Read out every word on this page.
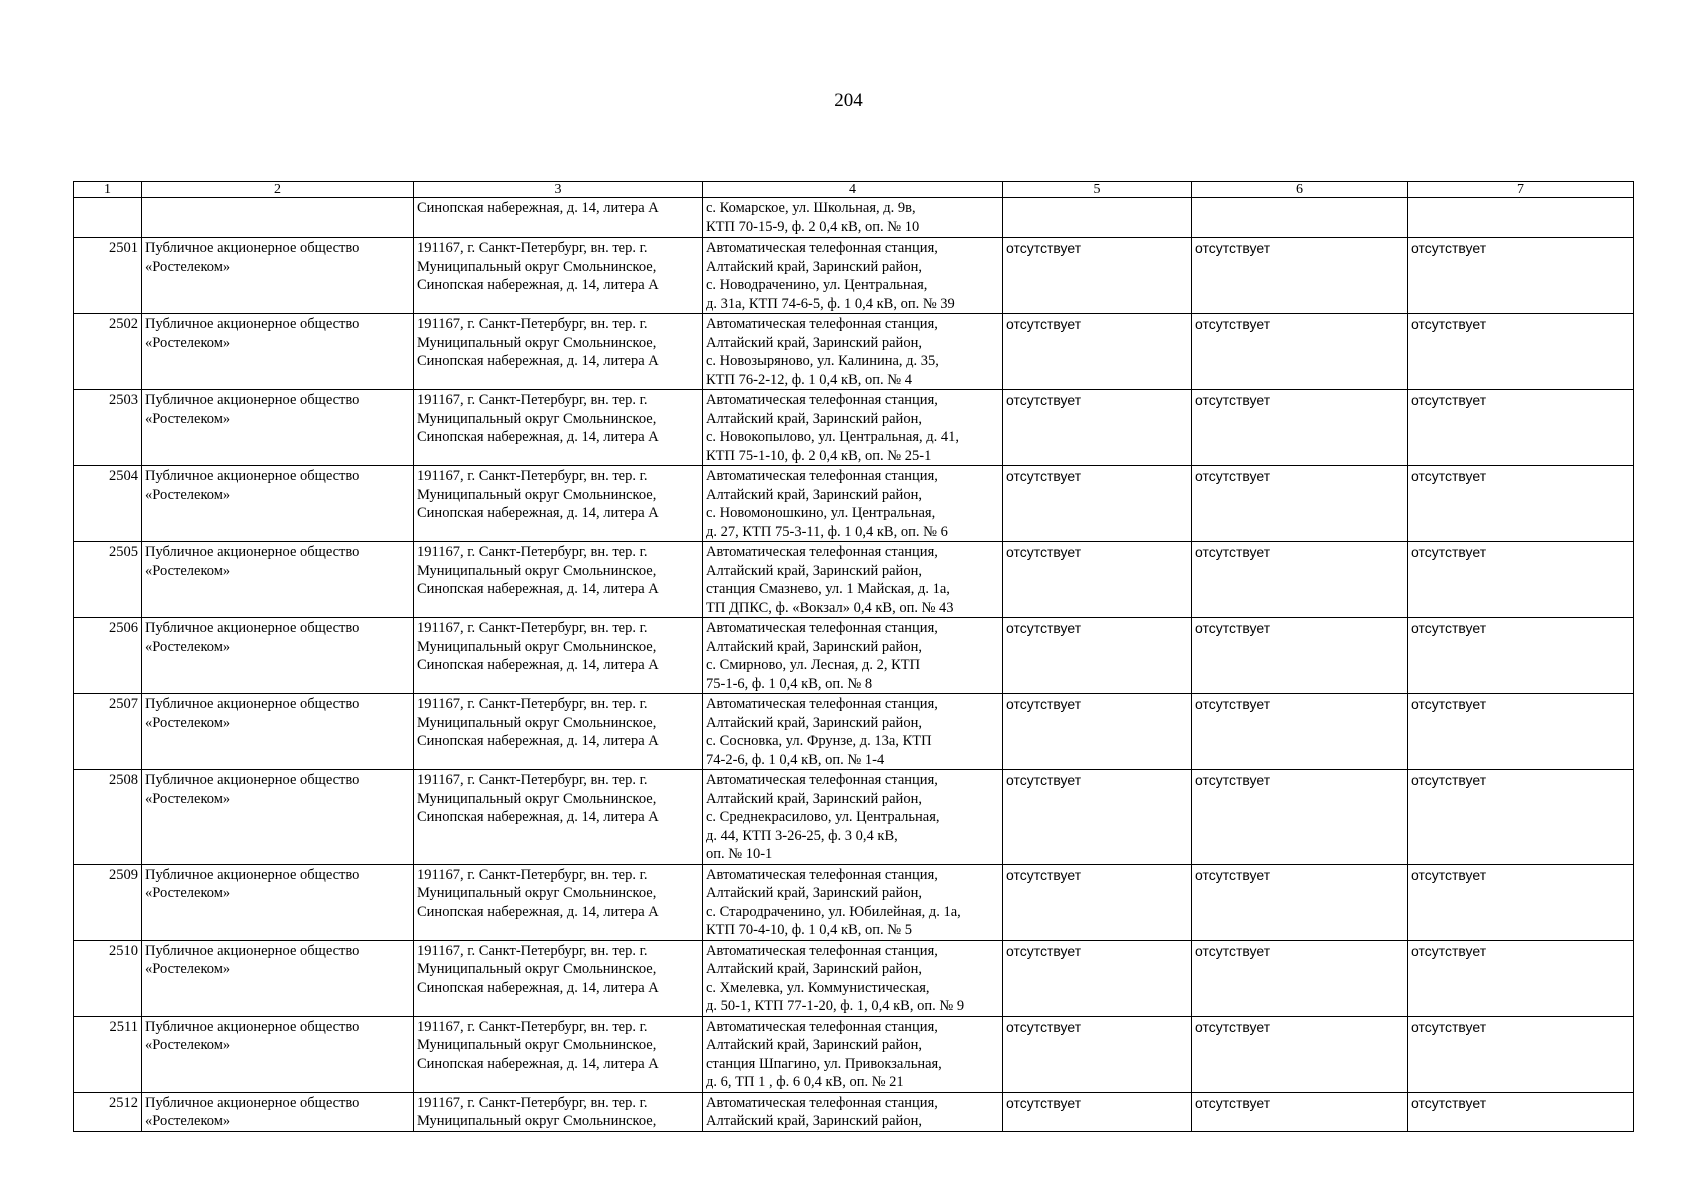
204
1	2	3	4	5	6	7
		Синопская набережная, д. 14, литера А	с. Комарское, ул. Школьная, д. 9в,
КТП 70-15-9, ф. 2 0,4 кВ, оп. № 10			
2501	Публичное акционерное общество
«Ростелеком»	191167, г. Санкт-Петербург, вн. тер. г.
Муниципальный округ Смольнинское,
Синопская набережная, д. 14, литера А	Автоматическая телефонная станция,
Алтайский край, Заринский район,
с. Новодрачeнино, ул. Центральная,
д. 31а, КТП 74-6-5, ф. 1 0,4 кВ, оп. № 39	отсутствует	отсутствует	отсутствует
2502	Публичное акционерное общество
«Ростелеком»	191167, г. Санкт-Петербург, вн. тер. г.
Муниципальный округ Смольнинское,
Синопская набережная, д. 14, литера А	Автоматическая телефонная станция,
Алтайский край, Заринский район,
с. Новозыряново, ул. Калинина, д. 35,
КТП 76-2-12, ф. 1 0,4 кВ, оп. № 4	отсутствует	отсутствует	отсутствует
2503	Публичное акционерное общество
«Ростелеком»	191167, г. Санкт-Петербург, вн. тер. г.
Муниципальный округ Смольнинское,
Синопская набережная, д. 14, литера А	Автоматическая телефонная станция,
Алтайский край, Заринский район,
с. Новокопылово, ул. Центральная, д. 41,
КТП 75-1-10, ф. 2 0,4 кВ, оп. № 25-1	отсутствует	отсутствует	отсутствует
2504	Публичное акционерное общество
«Ростелеком»	191167, г. Санкт-Петербург, вн. тер. г.
Муниципальный округ Смольнинское,
Синопская набережная, д. 14, литера А	Автоматическая телефонная станция,
Алтайский край, Заринский район,
с. Новомоношкино, ул. Центральная,
д. 27, КТП 75-3-11, ф. 1 0,4 кВ, оп. № 6	отсутствует	отсутствует	отсутствует
2505	Публичное акционерное общество
«Ростелеком»	191167, г. Санкт-Петербург, вн. тер. г.
Муниципальный округ Смольнинское,
Синопская набережная, д. 14, литера А	Автоматическая телефонная станция,
Алтайский край, Заринский район,
станция Смазнево, ул. 1 Майская, д. 1а,
ТП ДПКС, ф. «Вокзал» 0,4 кВ, оп. № 43	отсутствует	отсутствует	отсутствует
2506	Публичное акционерное общество
«Ростелеком»	191167, г. Санкт-Петербург, вн. тер. г.
Муниципальный округ Смольнинское,
Синопская набережная, д. 14, литера А	Автоматическая телефонная станция,
Алтайский край, Заринский район,
с. Смирново, ул. Лесная, д. 2, КТП
75-1-6, ф. 1 0,4 кВ, оп. № 8	отсутствует	отсутствует	отсутствует
2507	Публичное акционерное общество
«Ростелеком»	191167, г. Санкт-Петербург, вн. тер. г.
Муниципальный округ Смольнинское,
Синопская набережная, д. 14, литера А	Автоматическая телефонная станция,
Алтайский край, Заринский район,
с. Сосновка, ул. Фрунзе, д. 13а, КТП
74-2-6, ф. 1 0,4 кВ, оп. № 1-4	отсутствует	отсутствует	отсутствует
2508	Публичное акционерное общество
«Ростелеком»	191167, г. Санкт-Петербург, вн. тер. г.
Муниципальный округ Смольнинское,
Синопская набережная, д. 14, литера А	Автоматическая телефонная станция,
Алтайский край, Заринский район,
с. Среднекрасилово, ул. Центральная,
д. 44, КТП 3-26-25, ф. 3 0,4 кВ,
оп. № 10-1	отсутствует	отсутствует	отсутствует
2509	Публичное акционерное общество
«Ростелеком»	191167, г. Санкт-Петербург, вн. тер. г.
Муниципальный округ Смольнинское,
Синопская набережная, д. 14, литера А	Автоматическая телефонная станция,
Алтайский край, Заринский район,
с. Стародраченино, ул. Юбилейная, д. 1а,
КТП 70-4-10, ф. 1 0,4 кВ, оп. № 5	отсутствует	отсутствует	отсутствует
2510	Публичное акционерное общество
«Ростелеком»	191167, г. Санкт-Петербург, вн. тер. г.
Муниципальный округ Смольнинское,
Синопская набережная, д. 14, литера А	Автоматическая телефонная станция,
Алтайский край, Заринский район,
с. Хмелевка, ул. Коммунистическая,
д. 50-1, КТП 77-1-20, ф. 1, 0,4 кВ, оп. № 9	отсутствует	отсутствует	отсутствует
2511	Публичное акционерное общество
«Ростелеком»	191167, г. Санкт-Петербург, вн. тер. г.
Муниципальный округ Смольнинское,
Синопская набережная, д. 14, литера А	Автоматическая телефонная станция,
Алтайский край, Заринский район,
станция Шпагино, ул. Привокзальная,
д. 6, ТП 1 , ф. 6 0,4 кВ, оп. № 21	отсутствует	отсутствует	отсутствует
2512	Публичное акционерное общество
«Ростелеком»	191167, г. Санкт-Петербург, вн. тер. г.
Муниципальный округ Смольнинское,	Автоматическая телефонная станция,
Алтайский край, Заринский район,	отсутствует	отсутствует	отсутствует
